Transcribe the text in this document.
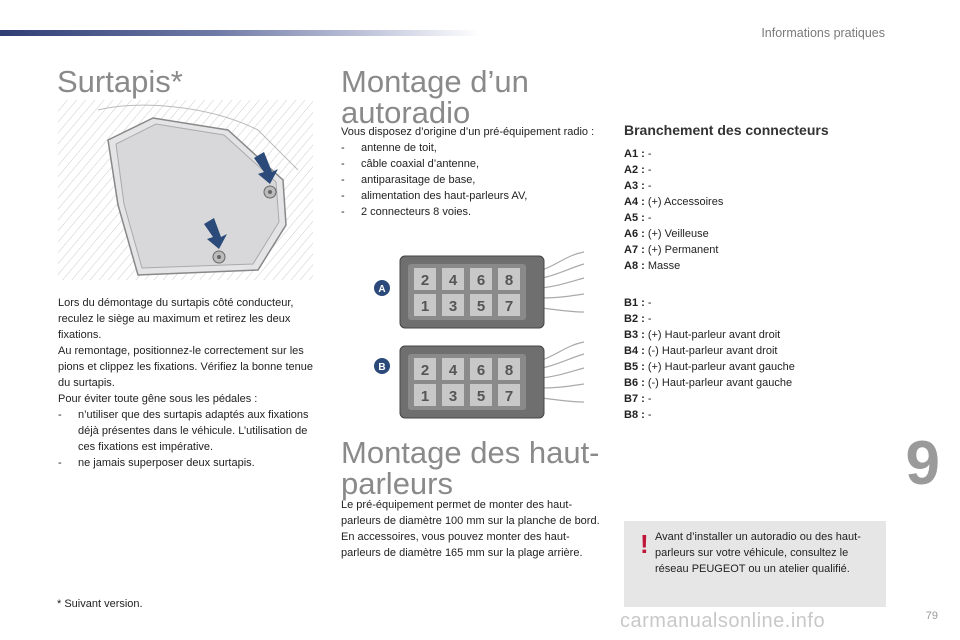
Informations pratiques
Surtapis*

Lors du démontage du surtapis côté conducteur, reculez le siège au maximum et retirez les deux fixations.

Au remontage, positionnez-le correctement sur les pions et clippez les fixations. Vérifiez la bonne tenue du surtapis.

Pour éviter toute gêne sous les pédales :

-	n’utiliser que des surtapis adaptés aux fixations déjà présentes dans le véhicule. L’utilisation de ces fixations est impérative.
-	ne jamais superposer deux surtapis.
* Suivant version.
Montage d’un autoradio

Vous disposez d’origine d’un pré-équipement radio :

-	antenne de toit,
-	câble coaxial d’antenne,
-	antiparasitage de base,
-	alimentation des haut-parleurs AV,
-	2 connecteurs 8 voies.
A
B
2 4 6 8
1 3 5 7
2 4 6 8
1 3 5 7
Montage des haut-parleurs

Le pré-équipement permet de monter des haut-parleurs de diamètre 100 mm sur la planche de bord.

En accessoires, vous pouvez monter des haut-parleurs de diamètre 165 mm sur la plage arrière.

Branchement des connecteurs
A1 : -
A2 : -
A3 : -
A4 : (+) Accessoires
A5 : -
A6 : (+) Veilleuse
A7 : (+) Permanent
A8 : Masse
B1 : -
B2 : -
B3 : (+) Haut-parleur avant droit
B4 : (-) Haut-parleur avant droit
B5 : (+) Haut-parleur avant gauche
B6 : (-) Haut-parleur avant gauche
B7 : -
B8 : -
! Avant d’installer un autoradio ou des haut-parleurs sur votre véhicule, consultez le réseau PEUGEOT ou un atelier qualifié.
9
carmanualsonline.info	79
